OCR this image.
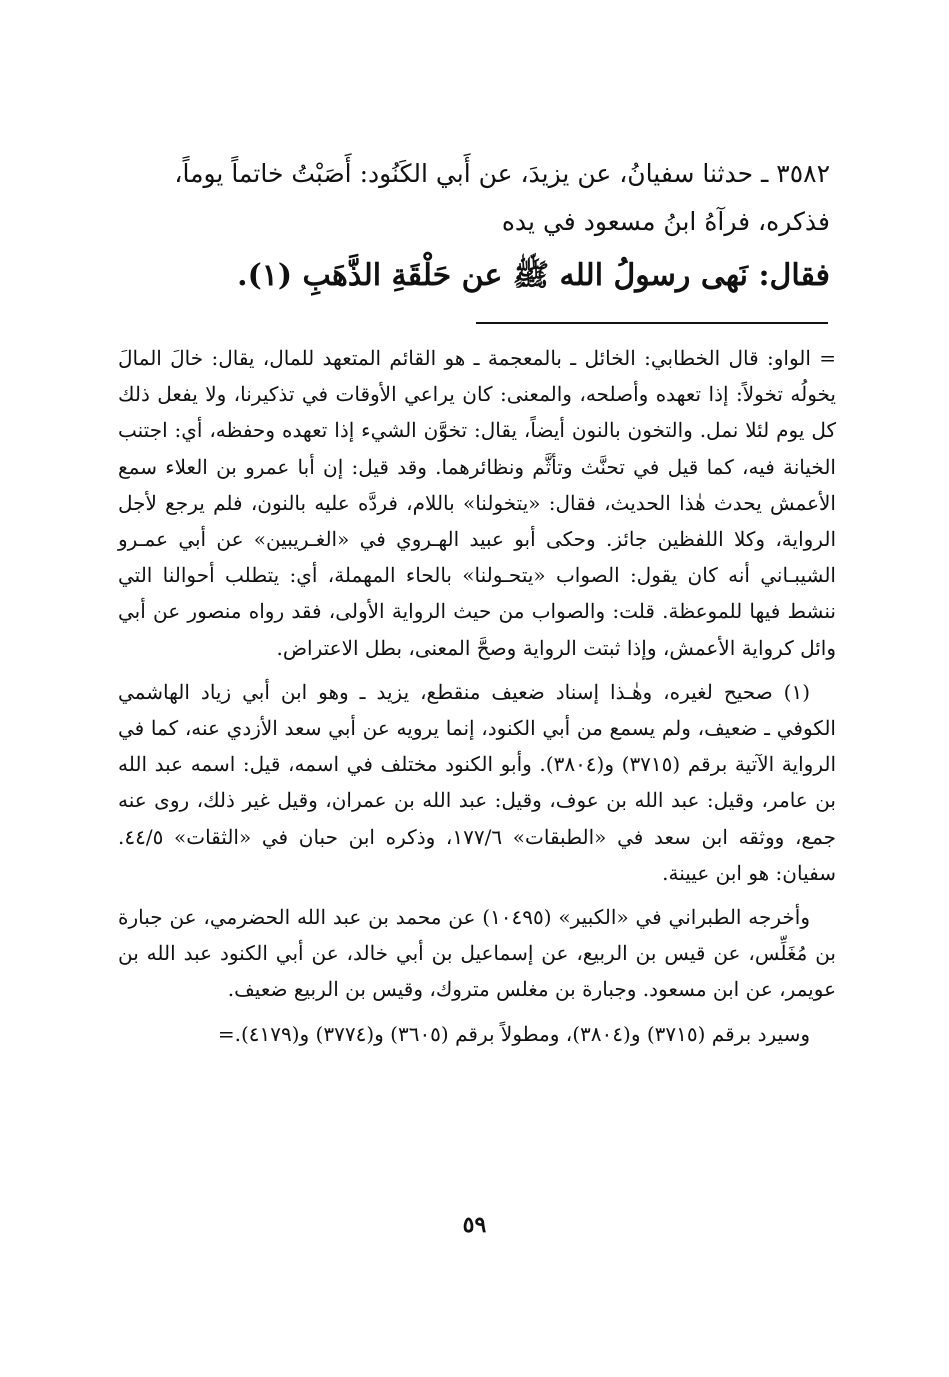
٣٥٨٢ ـ حدثنا سفيانُ، عن يزيدَ، عن أَبي الكَنُود: أَصَبْتُ خاتماً يوماً،

فذكره، فرآهُ ابنُ مسعود في يده

فقال: نَهى رسولُ الله ﷺ عن حَلْقَةِ الذَّهَبِ (١).

= الواو: قال الخطابي: الخائل ـ بالمعجمة ـ هو القائم المتعهد للمال، يقال: خالَ المالَ يخولُه تخولاً: إذا تعهده وأصلحه، والمعنى: كان يراعي الأوقات في تذكيرنا، ولا يفعل ذلك كل يوم لئلا نمل. والتخون بالنون أيضاً، يقال: تخوَّن الشيء إذا تعهده وحفظه، أي: اجتنب الخيانة فيه، كما قيل في تحنَّث وتأثَّم ونظائرهما. وقد قيل: إن أبا عمرو بن العلاء سمع الأعمش يحدث هٰذا الحديث، فقال: «يتخولنا» باللام، فردَّه عليه بالنون، فلم يرجع لأجل الرواية، وكلا اللفظين جائز. وحكى أبو عبيد الهـروي في «الغـريبين» عن أبي عمـرو الشيبـاني أنه كان يقول: الصواب «يتحـولنا» بالحاء المهملة، أي: يتطلب أحوالنا التي ننشط فيها للموعظة. قلت: والصواب من حيث الرواية الأولى، فقد رواه منصور عن أبي وائل كرواية الأعمش، وإذا ثبتت الرواية وصحَّ المعنى، بطل الاعتراض.

(١) صحيح لغيره، وهٰـذا إسناد ضعيف منقطع، يزيد ـ وهو ابن أبي زياد الهاشمي الكوفي ـ ضعيف، ولم يسمع من أبي الكنود، إنما يرويه عن أبي سعد الأزدي عنه، كما في الرواية الآتية برقم (٣٧١٥) و(٣٨٠٤). وأبو الكنود مختلف في اسمه، قيل: اسمه عبد الله بن عامر، وقيل: عبد الله بن عوف، وقيل: عبد الله بن عمران، وقيل غير ذلك، روى عنه جمع، ووثقه ابن سعد في «الطبقات» ١٧٧/٦، وذكره ابن حبان في «الثقات» ٤٤/٥. سفيان: هو ابن عيينة.

وأخرجه الطبراني في «الكبير» (١٠٤٩٥) عن محمد بن عبد الله الحضرمي، عن جبارة بن مُغَلِّس، عن قيس بن الربيع، عن إسماعيل بن أبي خالد، عن أبي الكنود عبد الله بن عويمر، عن ابن مسعود. وجبارة بن مغلس متروك، وقيس بن الربيع ضعيف.

وسيرد برقم (٣٧١٥) و(٣٨٠٤)، ومطولاً برقم (٣٦٠٥) و(٣٧٧٤) و(٤١٧٩).=

٥٩
